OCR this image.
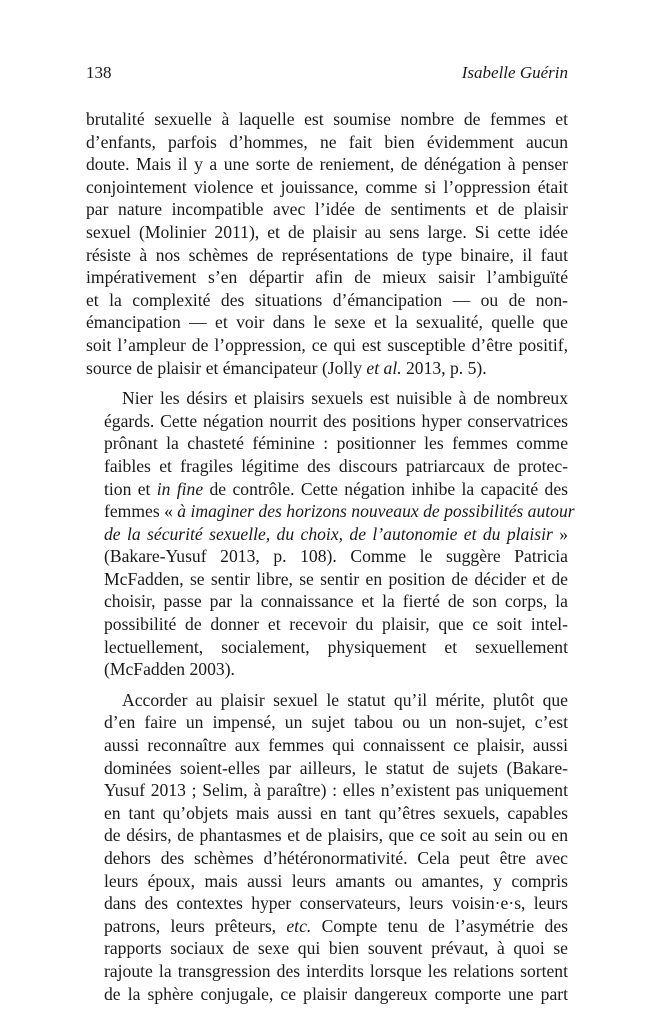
138	Isabelle Guérin
brutalité sexuelle à laquelle est soumise nombre de femmes et
d’enfants, parfois d’hommes, ne fait bien évidemment aucun
doute. Mais il y a une sorte de reniement, de dénégation à penser
conjointement violence et jouissance, comme si l’oppression était
par nature incompatible avec l’idée de sentiments et de plaisir
sexuel (Molinier 2011), et de plaisir au sens large. Si cette idée
résiste à nos schèmes de représentations de type binaire, il faut
impérativement s’en départir afin de mieux saisir l’ambiguïté
et la complexité des situations d’émancipation — ou de non-
émancipation — et voir dans le sexe et la sexualité, quelle que
soit l’ampleur de l’oppression, ce qui est susceptible d’être positif,
source de plaisir et émancipateur (Jolly et al. 2013, p. 5).
Nier les désirs et plaisirs sexuels est nuisible à de nombreux
égards. Cette négation nourrit des positions hyper conservatrices
prônant la chasteté féminine : positionner les femmes comme
faibles et fragiles légitime des discours patriarcaux de protec-
tion et in fine de contrôle. Cette négation inhibe la capacité des
femmes « à imaginer des horizons nouveaux de possibilités autour
de la sécurité sexuelle, du choix, de l’autonomie et du plaisir »
(Bakare-Yusuf 2013, p. 108). Comme le suggère Patricia
McFadden, se sentir libre, se sentir en position de décider et de
choisir, passe par la connaissance et la fierté de son corps, la
possibilité de donner et recevoir du plaisir, que ce soit intel-
lectuellement, socialement, physiquement et sexuellement
(McFadden 2003).
Accorder au plaisir sexuel le statut qu’il mérite, plutôt que
d’en faire un impensé, un sujet tabou ou un non-sujet, c’est
aussi reconnaître aux femmes qui connaissent ce plaisir, aussi
dominées soient-elles par ailleurs, le statut de sujets (Bakare-
Yusuf 2013 ; Selim, à paraître) : elles n’existent pas uniquement
en tant qu’objets mais aussi en tant qu’êtres sexuels, capables
de désirs, de phantasmes et de plaisirs, que ce soit au sein ou en
dehors des schèmes d’hétéronormativité. Cela peut être avec
leurs époux, mais aussi leurs amants ou amantes, y compris
dans des contextes hyper conservateurs, leurs voisin·e·s, leurs
patrons, leurs prêteurs, etc. Compte tenu de l’asymétrie des
rapports sociaux de sexe qui bien souvent prévaut, à quoi se
rajoute la transgression des interdits lorsque les relations sortent
de la sphère conjugale, ce plaisir dangereux comporte une part
